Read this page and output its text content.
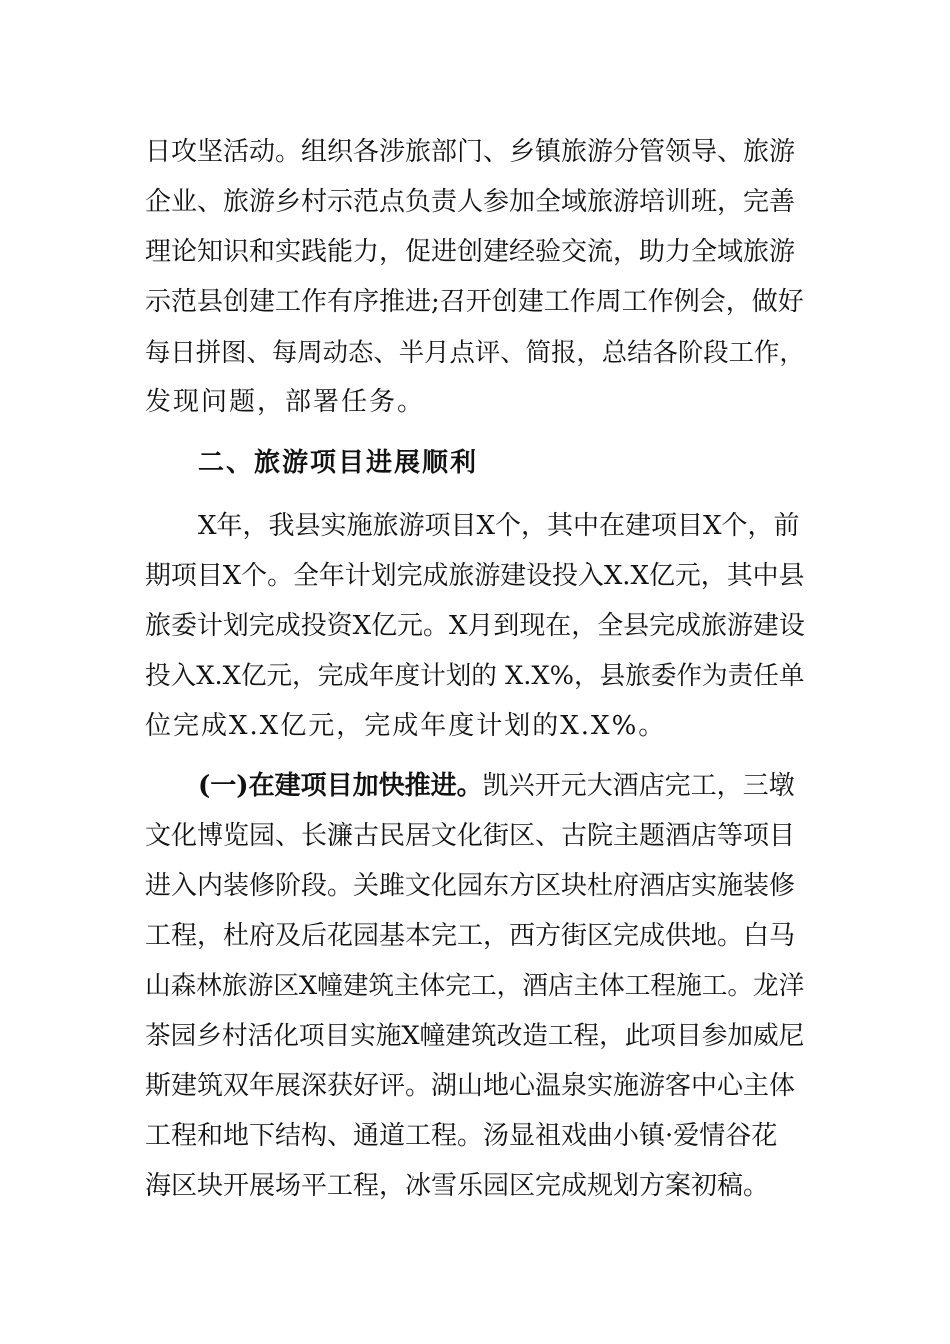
日攻坚活动。组织各涉旅部门、乡镇旅游分管领导、旅游
企业、旅游乡村示范点负责人参加全域旅游培训班，完善
理论知识和实践能力，促进创建经验交流，助力全域旅游
示范县创建工作有序推进;召开创建工作周工作例会，做好
每日拼图、每周动态、半月点评、简报，总结各阶段工作，
发现问题，部署任务。
二、旅游项目进展顺利
X年，我县实施旅游项目X个，其中在建项目X个，前
期项目X个。全年计划完成旅游建设投入X.X亿元，其中县
旅委计划完成投资X亿元。X月到现在，全县完成旅游建设
投入X.X亿元，完成年度计划的 X.X%，县旅委作为责任单
位完成X.X亿元，完成年度计划的X.X%。
(一)在建项目加快推进。凯兴开元大酒店完工，三墩
文化博览园、长濂古民居文化街区、古院主题酒店等项目
进入内装修阶段。关雎文化园东方区块杜府酒店实施装修
工程，杜府及后花园基本完工，西方街区完成供地。白马
山森林旅游区X幢建筑主体完工，酒店主体工程施工。龙洋
茶园乡村活化项目实施X幢建筑改造工程，此项目参加威尼
斯建筑双年展深获好评。湖山地心温泉实施游客中心主体
工程和地下结构、通道工程。汤显祖戏曲小镇·爱情谷花
海区块开展场平工程，冰雪乐园区完成规划方案初稿。
